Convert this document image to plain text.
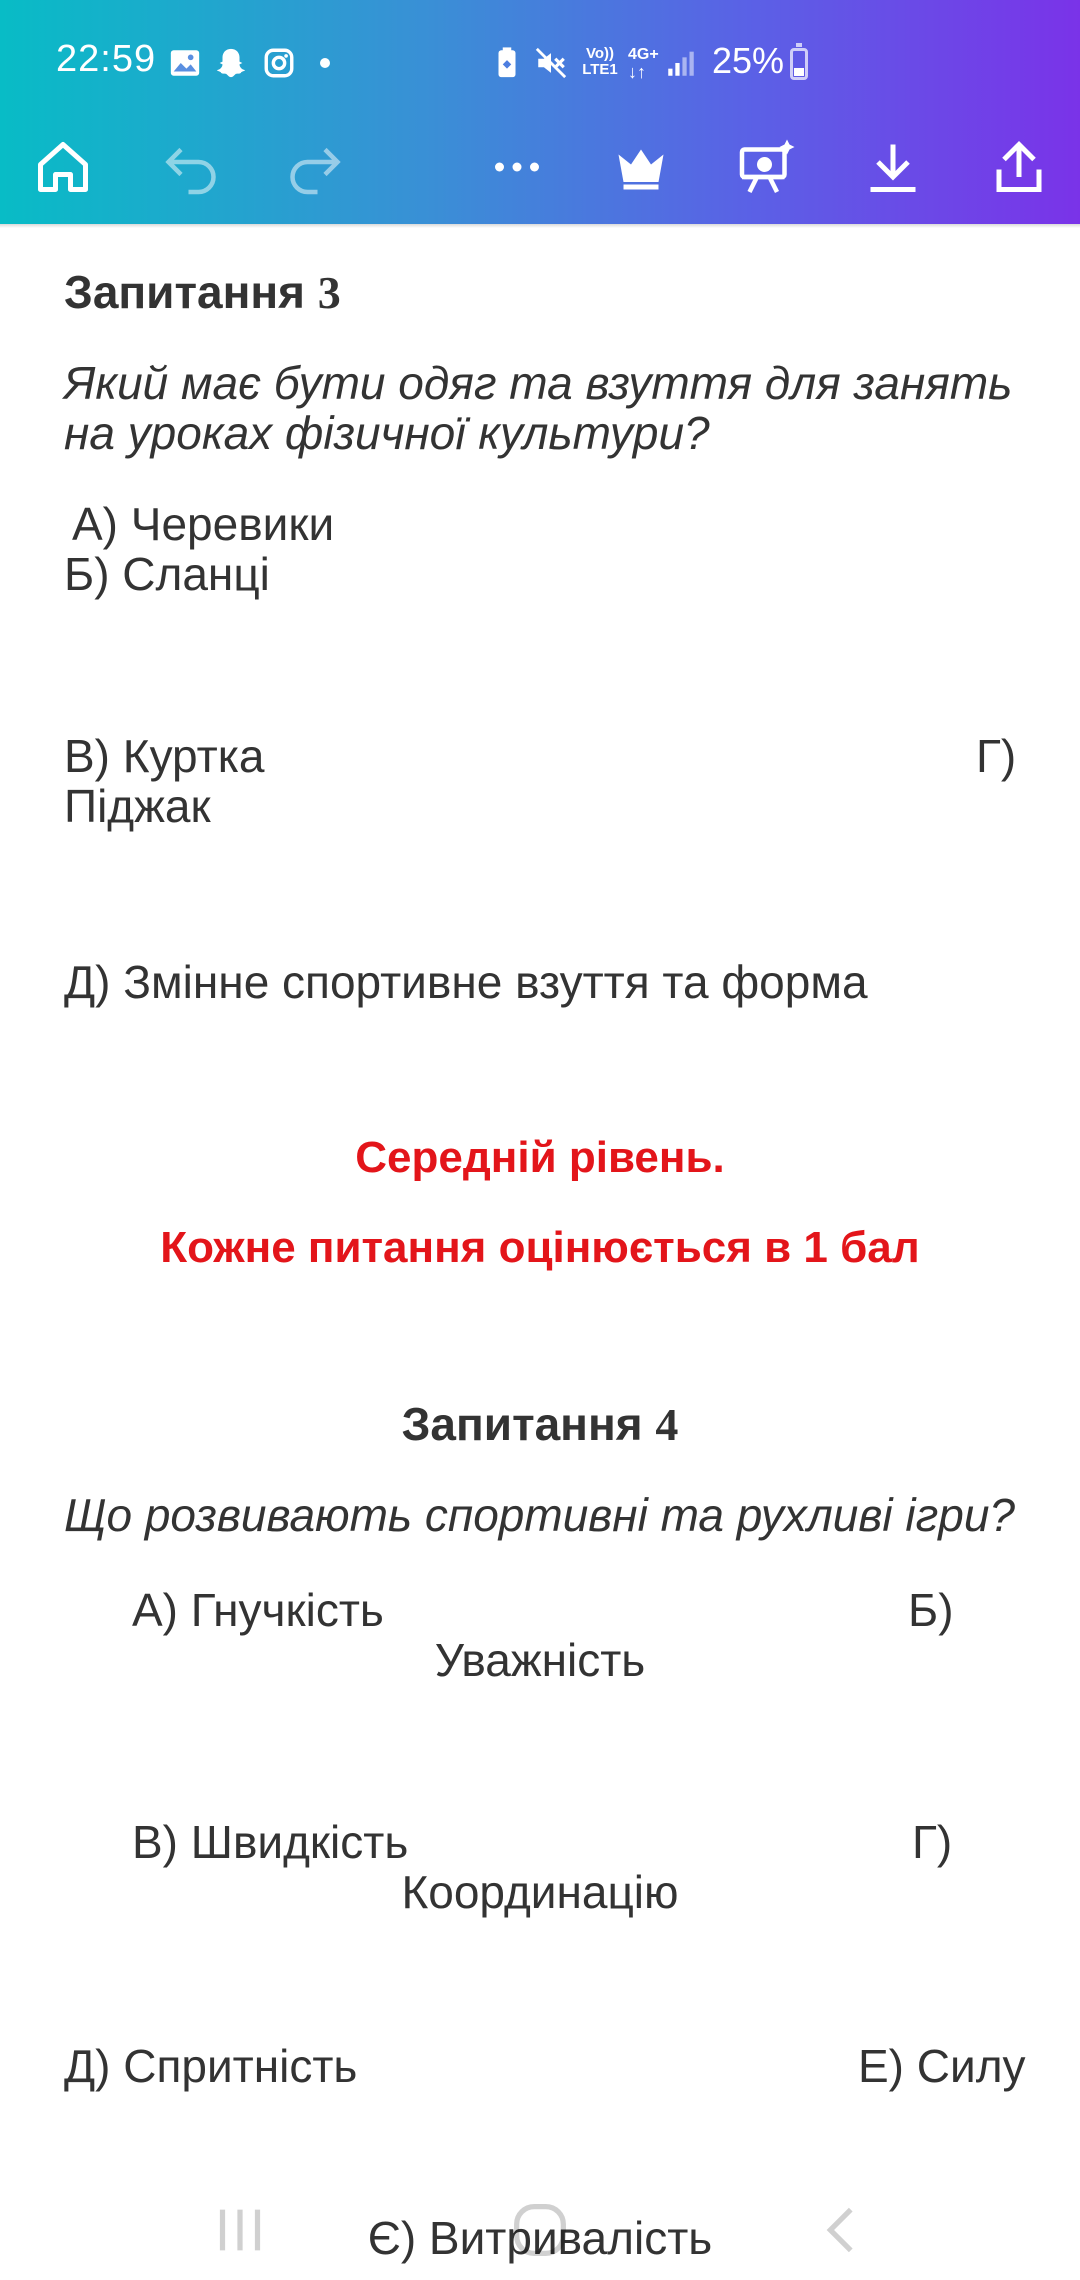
22:59	Vo)) LTE1
4G+
↓↑	25%
Запитання 3
Який має бути одяг та взуття для занять на уроках фізичної культури?
А) Черевики
Б) Сланці
В) Куртка	Г)
Піджак
Д) Змінне спортивне взуття та форма
Середній рівень.
Кожне питання оцінюється в 1 бал
Запитання 4
Що розвивають спортивні та рухливі ігри?
А) Гнучкість	Б)
Уважність
В) Швидкість	Г)
Координацію
Д) Спритність	Е) Силу
Є) Витривалість
